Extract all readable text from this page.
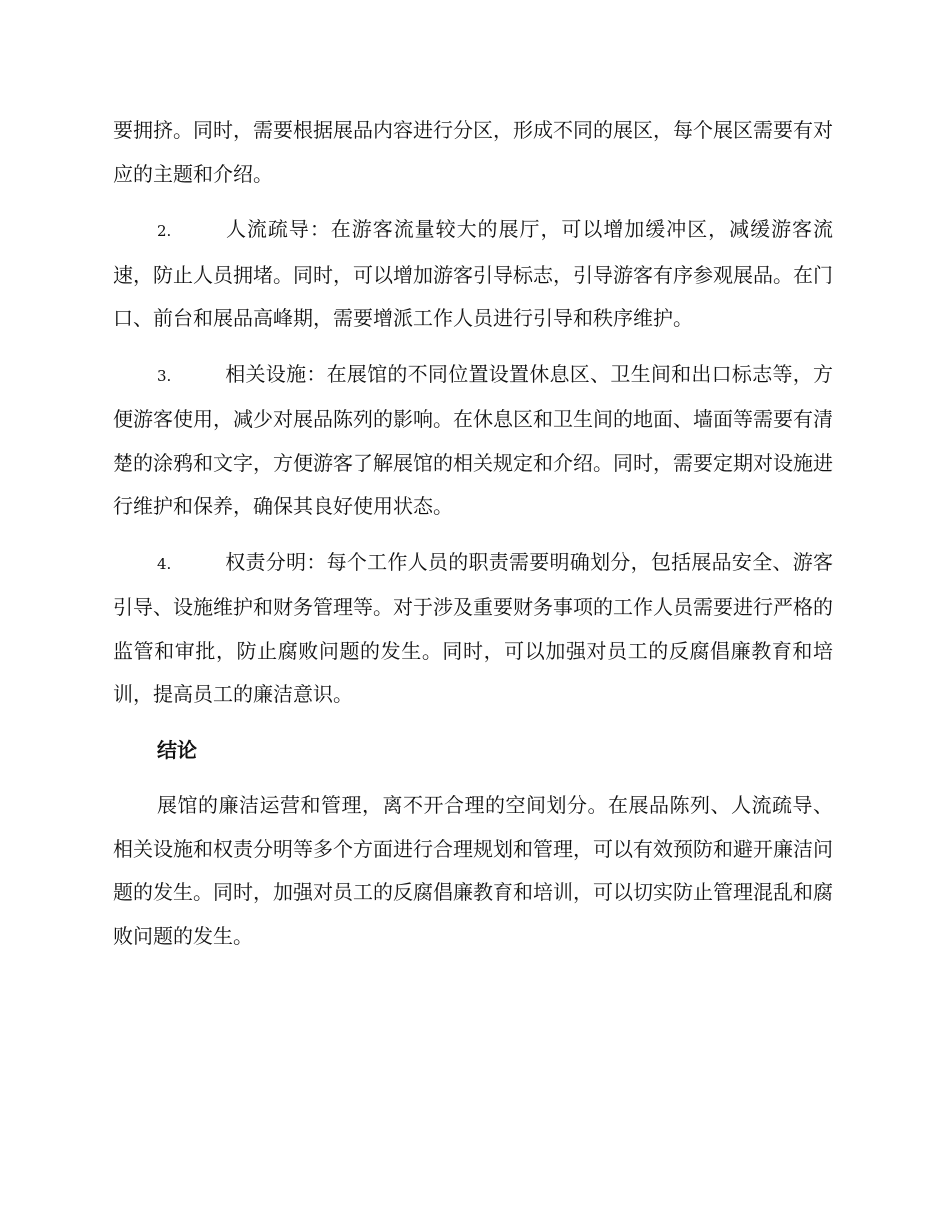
要拥挤。同时，需要根据展品内容进行分区，形成不同的展区，每个展区需要有对应的主题和介绍。

2.	人流疏导：在游客流量较大的展厅，可以增加缓冲区，减缓游客流速，防止人员拥堵。同时，可以增加游客引导标志，引导游客有序参观展品。在门口、前台和展品高峰期，需要增派工作人员进行引导和秩序维护。

3.	相关设施：在展馆的不同位置设置休息区、卫生间和出口标志等，方便游客使用，减少对展品陈列的影响。在休息区和卫生间的地面、墙面等需要有清楚的涂鸦和文字，方便游客了解展馆的相关规定和介绍。同时，需要定期对设施进行维护和保养，确保其良好使用状态。

4.	权责分明：每个工作人员的职责需要明确划分，包括展品安全、游客引导、设施维护和财务管理等。对于涉及重要财务事项的工作人员需要进行严格的监管和审批，防止腐败问题的发生。同时，可以加强对员工的反腐倡廉教育和培训，提高员工的廉洁意识。

结论

展馆的廉洁运营和管理，离不开合理的空间划分。在展品陈列、人流疏导、相关设施和权责分明等多个方面进行合理规划和管理，可以有效预防和避开廉洁问题的发生。同时，加强对员工的反腐倡廉教育和培训，可以切实防止管理混乱和腐败问题的发生。
